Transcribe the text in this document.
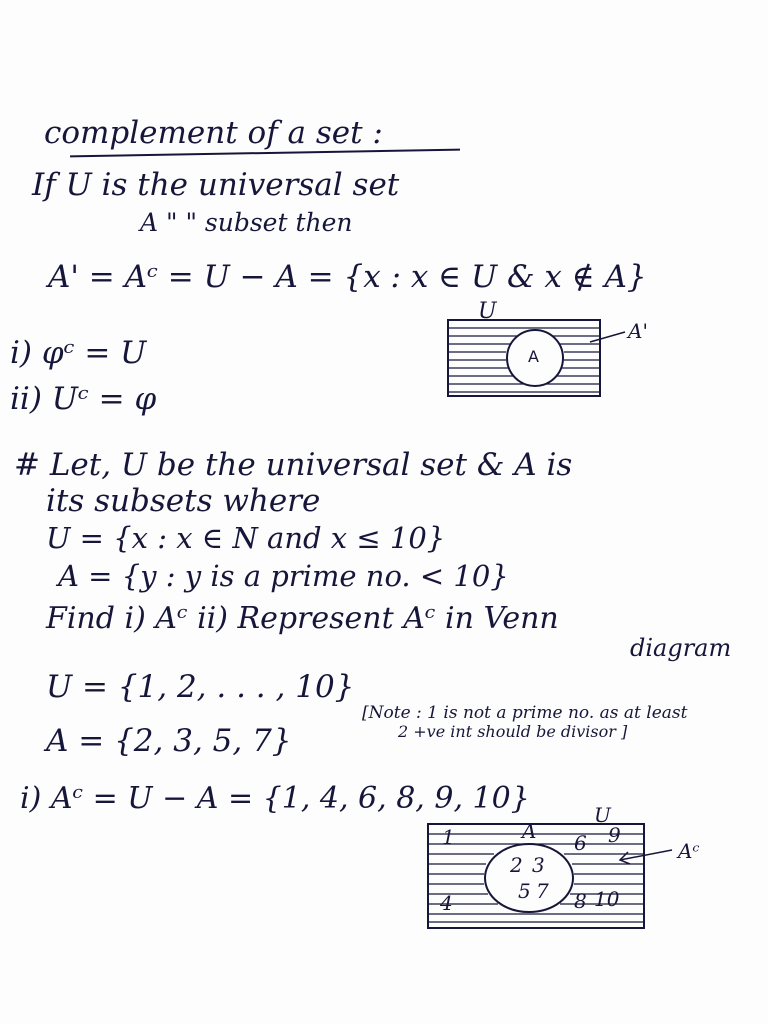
complement of a set :
If U is the universal set
A " " subset then
A' = Aᶜ = U − A = {x : x ∈ U & x ∉ A}
U
A
A'
i) φᶜ = U
ii) Uᶜ = φ
# Let, U be the universal set & A is
its subsets where
U = {x : x ∈ N and x ≤ 10}
A = {y : y is a prime no. < 10}
Find i) Aᶜ ii) Represent Aᶜ in Venn
diagram
U = {1, 2, . . . , 10}
A = {2, 3, 5, 7}
[Note : 1 is not a prime no. as at least
2 +ve int should be divisor ]
i) Aᶜ = U − A = {1, 4, 6, 8, 9, 10}	U
A
2 3
5 7
1
4
6 9
8 10
Aᶜ
